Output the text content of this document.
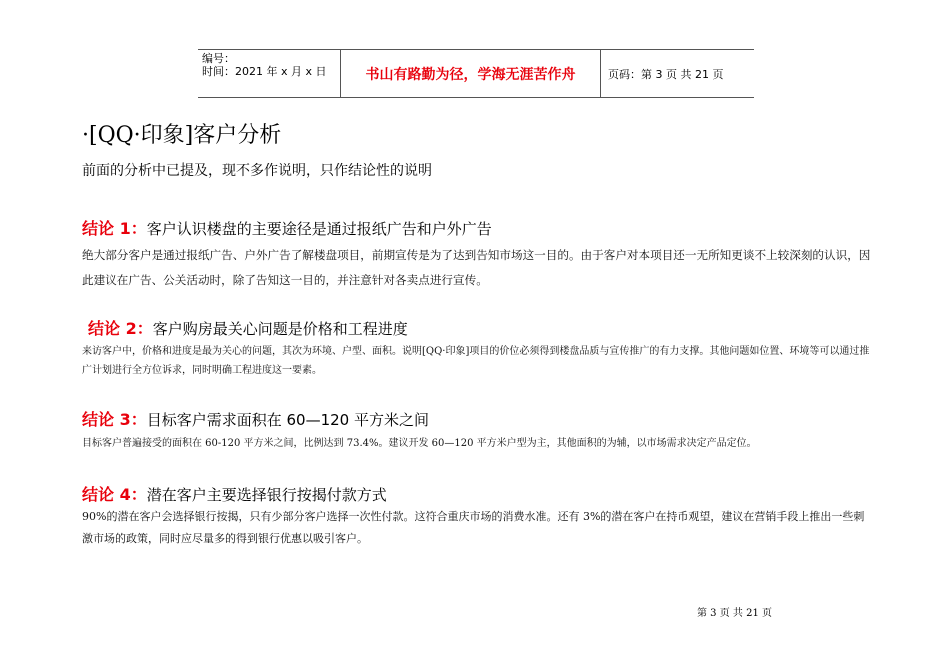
编号：
时间：2021 年 x 月 x 日	书山有路勤为径，学海无涯苦作舟	页码：第 3 页 共 21 页
·[QQ·印象]客户分析
前面的分析中已提及，现不多作说明，只作结论性的说明
结论 1：客户认识楼盘的主要途径是通过报纸广告和户外广告
绝大部分客户是通过报纸广告、户外广告了解楼盘项目，前期宣传是为了达到告知市场这一目的。由于客户对本项目还一无所知更谈不上较深刻的认识，因此建议在广告、公关活动时，除了告知这一目的，并注意针对各卖点进行宣传。
结论 2：客户购房最关心问题是价格和工程进度
来访客户中，价格和进度是最为关心的问题，其次为环境、户型、面积。说明[QQ·印象]项目的价位必须得到楼盘品质与宣传推广的有力支撑。其他问题如位置、环境等可以通过推广计划进行全方位诉求，同时明确工程进度这一要素。
结论 3：目标客户需求面积在 60—120 平方米之间
目标客户普遍接受的面积在 60-120 平方米之间，比例达到 73.4%。建议开发 60—120 平方米户型为主，其他面积的为辅，以市场需求决定产品定位。
结论 4：潜在客户主要选择银行按揭付款方式
90%的潜在客户会选择银行按揭，只有少部分客户选择一次性付款。这符合重庆市场的消费水准。还有 3%的潜在客户在持币观望，建议在营销手段上推出一些刺激市场的政策，同时应尽量多的得到银行优惠以吸引客户。
第 3 页 共 21 页
